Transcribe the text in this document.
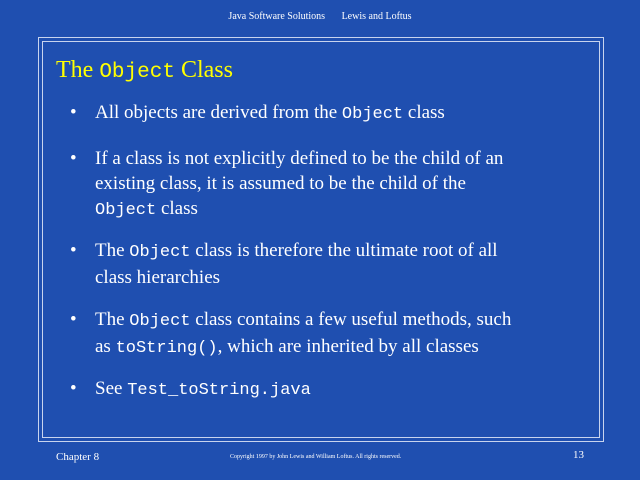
Java Software Solutions Lewis and Loftus
The Object Class
• All objects are derived from the Object class
• If a class is not explicitly defined to be the child of an
existing class, it is assumed to be the child of the
Object class
• The Object class is therefore the ultimate root of all
class hierarchies
• The Object class contains a few useful methods, such
as toString(), which are inherited by all classes
• See Test_toString.java
Chapter 8	Copyright 1997 by John Lewis and William Loftus. All rights reserved.	13
